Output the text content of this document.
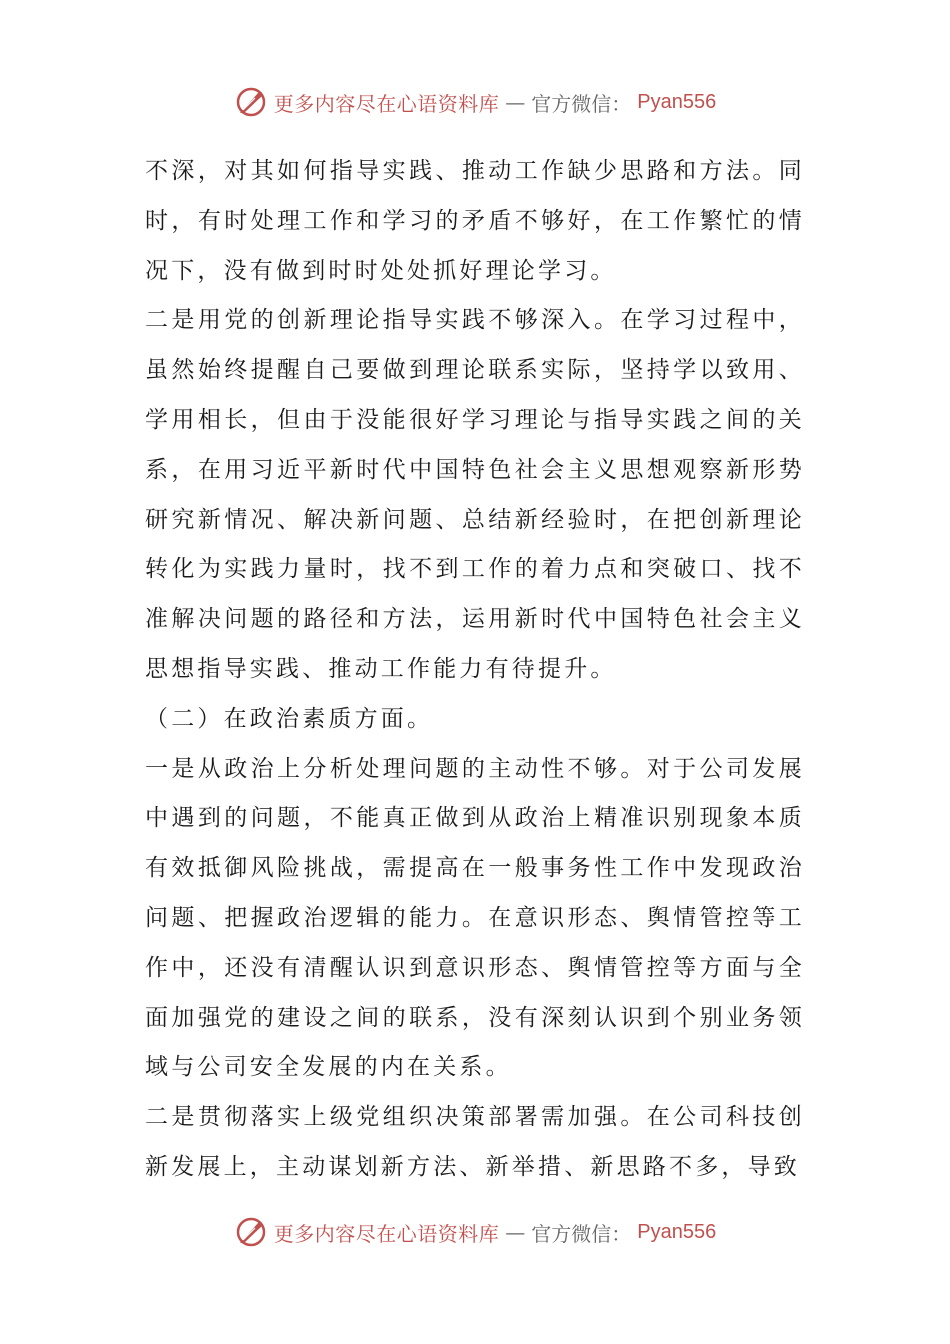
更多内容尽在心语资料库 — 官方微信： Pyan556

不深，对其如何指导实践、推动工作缺少思路和方法。同时，有时处理工作和学习的矛盾不够好，在工作繁忙的情况下，没有做到时时处处抓好理论学习。

二是用党的创新理论指导实践不够深入。在学习过程中，虽然始终提醒自己要做到理论联系实际，坚持学以致用、学用相长，但由于没能很好学习理论与指导实践之间的关系，在用习近平新时代中国特色社会主义思想观察新形势研究新情况、解决新问题、总结新经验时，在把创新理论转化为实践力量时，找不到工作的着力点和突破口、找不准解决问题的路径和方法，运用新时代中国特色社会主义思想指导实践、推动工作能力有待提升。

（二）在政治素质方面。

一是从政治上分析处理问题的主动性不够。对于公司发展中遇到的问题，不能真正做到从政治上精准识别现象本质有效抵御风险挑战，需提高在一般事务性工作中发现政治问题、把握政治逻辑的能力。在意识形态、舆情管控等工作中，还没有清醒认识到意识形态、舆情管控等方面与全面加强党的建设之间的联系，没有深刻认识到个别业务领域与公司安全发展的内在关系。

二是贯彻落实上级党组织决策部署需加强。在公司科技创新发展上，主动谋划新方法、新举措、新思路不多，导致

更多内容尽在心语资料库 — 官方微信： Pyan556
